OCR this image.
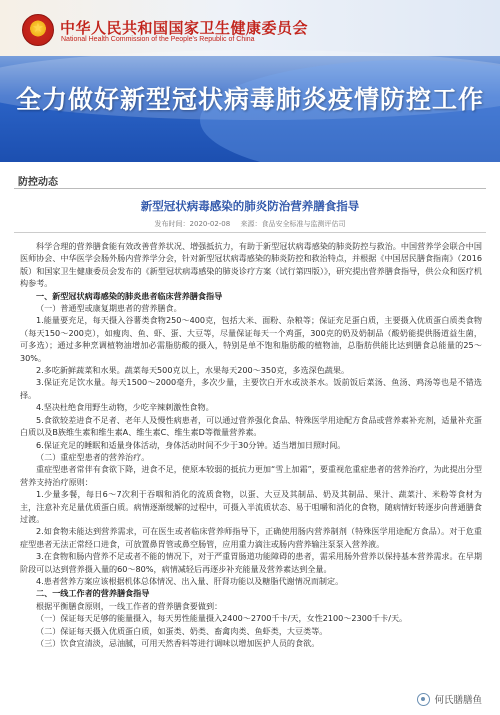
★	中华人民共和国国家卫生健康委员会
National Health Commission of the People's Republic of China
全力做好新型冠状病毒肺炎疫情防控工作
防控动态
新型冠状病毒感染的肺炎防治营养膳食指导
发布时间：2020-02-08 来源：食品安全标准与监测评估司

科学合理的营养膳食能有效改善营养状况、增强抵抗力，有助于新型冠状病毒感染的肺炎防控与救治。中国营养学会联合中国医师协会、中华医学会肠外肠内营养学分会，针对新型冠状病毒感染的肺炎防控和救治特点，并根据《中国居民膳食指南》（2016版）和国家卫生健康委员会发布的《新型冠状病毒感染的肺炎诊疗方案（试行第四版）》，研究提出营养膳食指导，供公众和医疗机构参考。

一、新型冠状病毒感染的肺炎患者临床营养膳食指导

（一）普通型或康复期患者的营养膳食。

1.能量要充足，每天摄入谷薯类食物250～400克，包括大米、面粉、杂粮等；保证充足蛋白质，主要摄入优质蛋白质类食物（每天150～200克），如瘦肉、鱼、虾、蛋、大豆等，尽量保证每天一个鸡蛋，300克的奶及奶制品（酸奶能提供肠道益生菌，可多选）；通过多种烹调植物油增加必需脂肪酸的摄入，特别是单不饱和脂肪酸的植物油，总脂肪供能比达到膳食总能量的25～30%。

2.多吃新鲜蔬菜和水果。蔬菜每天500克以上，水果每天200～350克，多选深色蔬果。

3.保证充足饮水量。每天1500～2000毫升，多次少量，主要饮白开水或淡茶水。饭前饭后菜汤、鱼汤、鸡汤等也是不错选择。

4.坚决杜绝食用野生动物，少吃辛辣刺激性食物。

5.食欲较差进食不足者、老年人及慢性病患者，可以通过营养强化食品、特殊医学用途配方食品或营养素补充剂，适量补充蛋白质以及B族维生素和维生素A、维生素C、维生素D等微量营养素。

6.保证充足的睡眠和适量身体活动，身体活动时间不少于30分钟。适当增加日照时间。

（二）重症型患者的营养治疗。

重症型患者常伴有食欲下降，进食不足，使原本较弱的抵抗力更加“雪上加霜”，要重视危重症患者的营养治疗，为此提出分型营养支持治疗原则：

1.少量多餐，每日6～7次利于吞咽和消化的流质食物，以蛋、大豆及其制品、奶及其制品、果汁、蔬菜汁、米粉等食材为主，注意补充足量优质蛋白质。病情逐渐缓解的过程中，可摄入半流质状态、易于咀嚼和消化的食物，随病情好转逐步向普通膳食过渡。

2.如食物未能达到营养需求，可在医生或者临床营养师指导下，正确使用肠内营养制剂（特殊医学用途配方食品）。对于危重症型患者无法正常经口进食，可放置鼻胃管或鼻空肠管，应用重力滴注或肠内营养输注泵泵入营养液。

3.在食物和肠内营养不足或者不能的情况下，对于严重胃肠道功能障碍的患者，需采用肠外营养以保持基本营养需求。在早期阶段可以达到营养摄入量的60～80%，病情减轻后再逐步补充能量及营养素达到全量。

4.患者营养方案应该根据机体总体情况、出入量、肝肾功能以及糖脂代谢情况而制定。

二、一线工作者的营养膳食指导

根据平衡膳食原则，一线工作者的营养膳食要做到：

（一）保证每天足够的能量摄入，每天男性能量摄入2400～2700千卡/天，女性2100～2300千卡/天。

（二）保证每天摄入优质蛋白质，如蛋类、奶类、畜禽肉类、鱼虾类，大豆类等。

（三）饮食宜清淡，忌油腻，可用天然香料等进行调味以增加医护人员的食欲。

何氏膳膳鱼
